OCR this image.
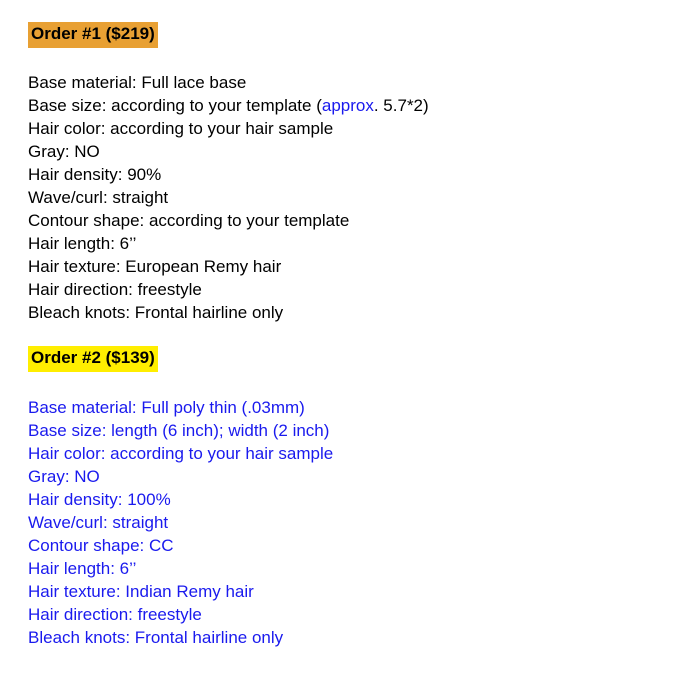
Order #1 ($219)
Base material: Full lace base
Base size: according to your template (approx. 5.7*2)
Hair color: according to your hair sample
Gray: NO
Hair density: 90%
Wave/curl: straight
Contour shape: according to your template
Hair length: 6’’
Hair texture: European Remy hair
Hair direction: freestyle
Bleach knots: Frontal hairline only
Order #2 ($139)
Base material: Full poly thin (.03mm)
Base size: length (6 inch); width (2 inch)
Hair color: according to your hair sample
Gray: NO
Hair density: 100%
Wave/curl: straight
Contour shape: CC
Hair length: 6’’
Hair texture: Indian Remy hair
Hair direction: freestyle
Bleach knots: Frontal hairline only
